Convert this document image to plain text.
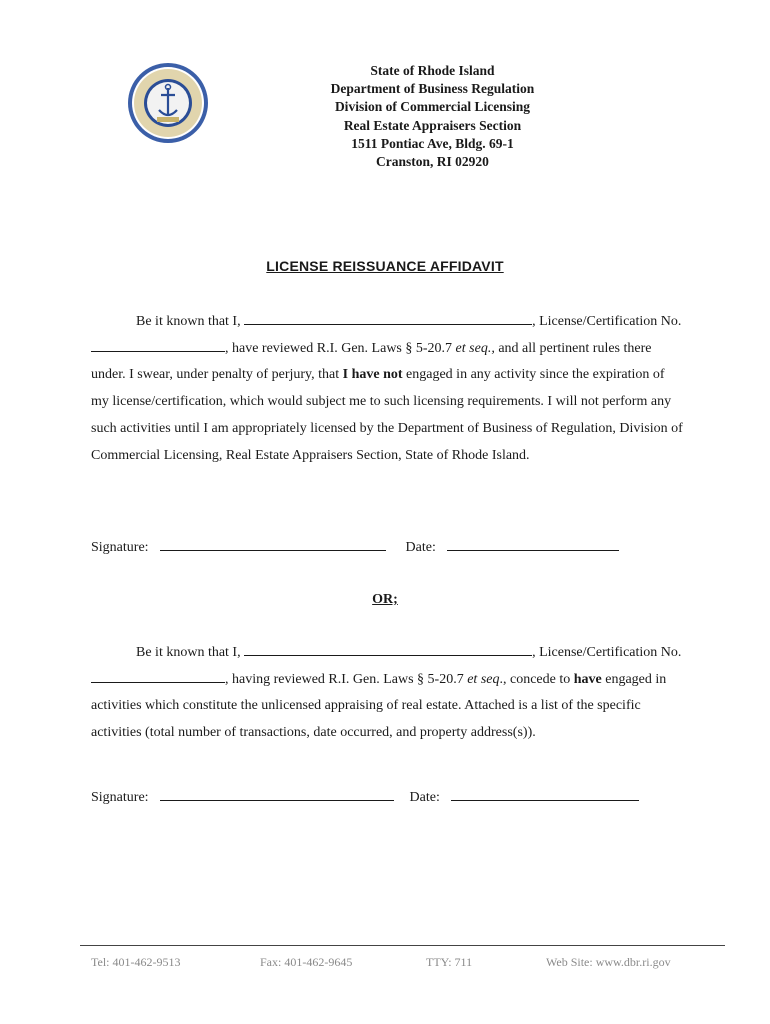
State of Rhode Island
Department of Business Regulation
Division of Commercial Licensing
Real Estate Appraisers Section
1511 Pontiac Ave, Bldg. 69-1
Cranston, RI 02920
LICENSE REISSUANCE AFFIDAVIT

Be it known that I,	, License/Certification No. , have reviewed R.I. Gen. Laws § 5-20.7 et seq., and all pertinent rules there under. I swear, under penalty of perjury, that I have not engaged in any activity since the expiration of my license/certification, which would subject me to such licensing requirements. I will not perform any such activities until I am appropriately licensed by the Department of Business of Regulation, Division of Commercial Licensing, Real Estate Appraisers Section, State of Rhode Island.

Signature:	Date:
OR;

Be it known that I,	, License/Certification No. , having reviewed R.I. Gen. Laws § 5-20.7 et seq., concede to have engaged in activities which constitute the unlicensed appraising of real estate. Attached is a list of the specific activities (total number of transactions, date occurred, and property address(s)).

Signature:	Date:
Tel: 401-462-9513	Fax: 401-462-9645	TTY: 711	Web Site: www.dbr.ri.gov
